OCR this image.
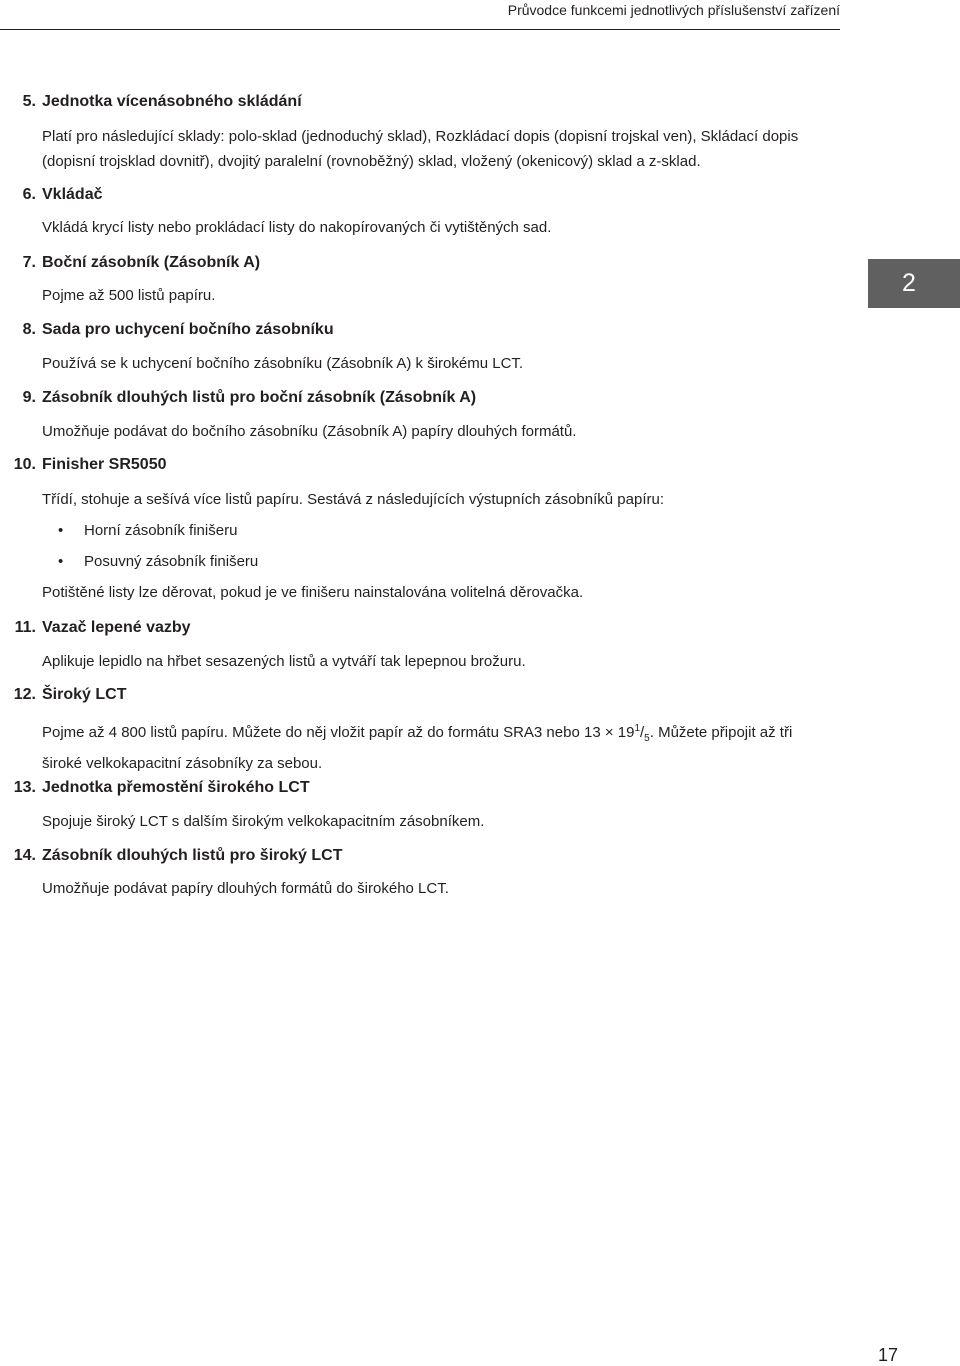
Průvodce funkcemi jednotlivých příslušenství zařízení
2
5. Jednotka vícenásobného skládání
Platí pro následující sklady: polo-sklad (jednoduchý sklad), Rozkládací dopis (dopisní trojskal ven), Skládací dopis (dopisní trojsklad dovnitř), dvojitý paralelní (rovnoběžný) sklad, vložený (okenicový) sklad a z-sklad.
6. Vkládač
Vkládá krycí listy nebo prokládací listy do nakopírovaných či vytištěných sad.
7. Boční zásobník (Zásobník A)
Pojme až 500 listů papíru.
8. Sada pro uchycení bočního zásobníku
Používá se k uchycení bočního zásobníku (Zásobník A) k širokému LCT.
9. Zásobník dlouhých listů pro boční zásobník (Zásobník A)
Umožňuje podávat do bočního zásobníku (Zásobník A) papíry dlouhých formátů.
10. Finisher SR5050
Třídí, stohuje a sešívá více listů papíru. Sestává z následujících výstupních zásobníků papíru:
• Horní zásobník finišeru
• Posuvný zásobník finišeru
Potištěné listy lze děrovat, pokud je ve finišeru nainstalována volitelná děrovačka.
11. Vazač lepené vazby
Aplikuje lepidlo na hřbet sesazených listů a vytváří tak lepepnou brožuru.
12. Široký LCT
Pojme až 4 800 listů papíru. Můžete do něj vložit papír až do formátu SRA3 nebo $13 \times 19^1/_5$. Můžete připojit až tři široké velkokapacitní zásobníky za sebou.
13. Jednotka přemostění širokého LCT
Spojuje široký LCT s dalším širokým velkokapacitním zásobníkem.
14. Zásobník dlouhých listů pro široký LCT
Umožňuje podávat papíry dlouhých formátů do širokého LCT.
17
